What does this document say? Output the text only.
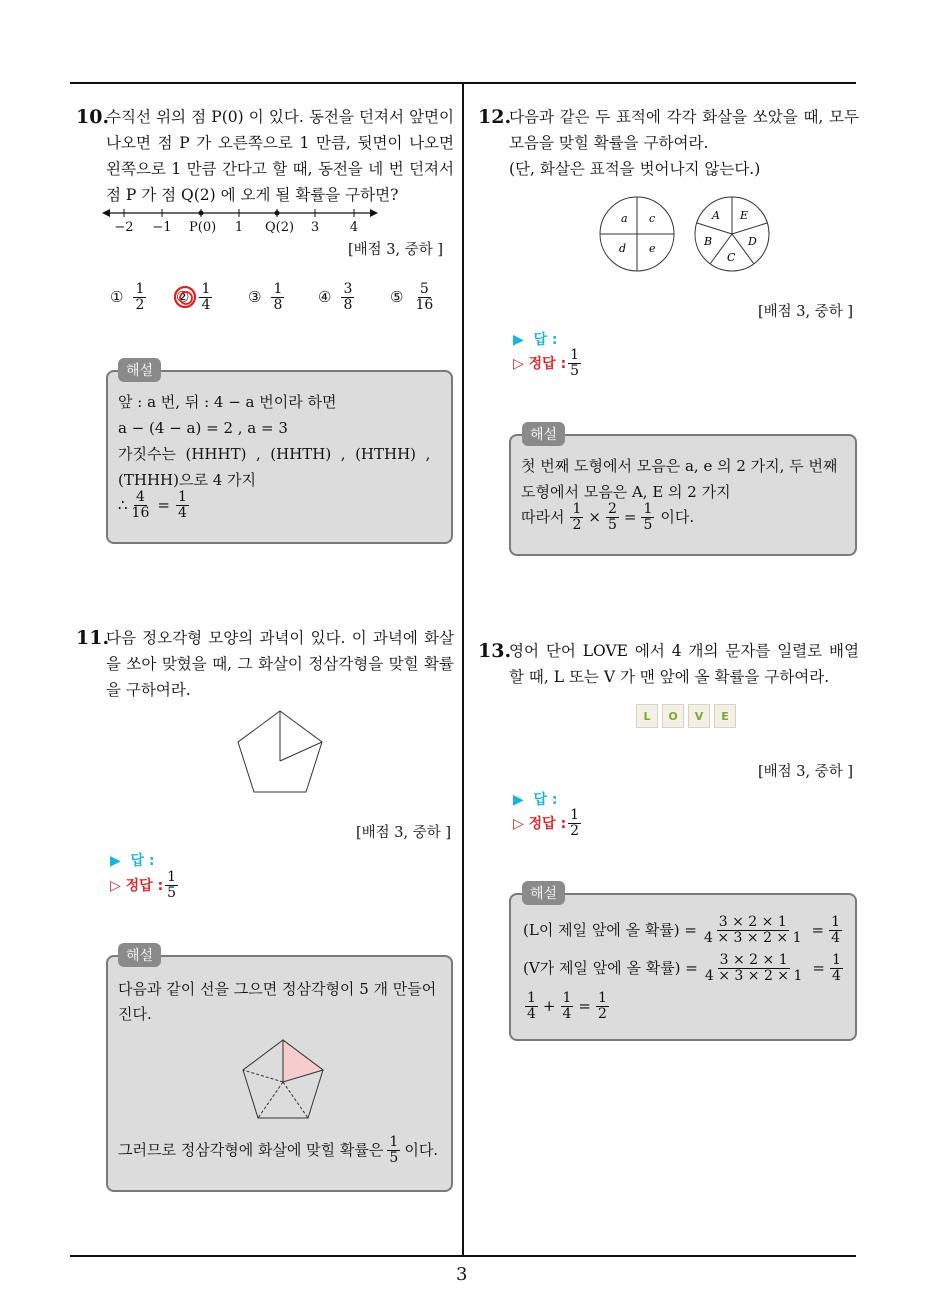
3
10.
수직선 위의 점 P(0) 이 있다. 동전을 던져서 앞면이 나오면 점 P 가 오른쪽으로 1 만큼, 뒷면이 나오면 왼쪽으로 1 만큼 간다고 할 때, 동전을 네 번 던져서 점 P 가 점 Q(2) 에 오게 될 확률을 구하면?
−2 −1 P(0)	1	Q(2)	3	4
[배점 3, 중하 ]
① $\frac{1}{2}$ ② $\frac{1}{4}$ ③ $\frac{1}{8}$ ④ $\frac{3}{8}$ ⑤ $\frac{5}{16}$
앞 : a 번, 뒤 : 4 − a 번이라 하면
a − (4 − a) = 2 , a = 3
가짓수는  (HHHT)  ,  (HHTH)  ,  (HTHH)  ,
(THHH)으로 4 가지
∴ $\frac{4}{16} = \frac{1}{4}$
해설
11.
다음 정오각형 모양의 과녁이 있다. 이 과녁에 화살을 쏘아 맞혔을 때, 그 화살이 정삼각형을 맞힐 확률을 구하여라.
[배점 3, 중하 ]
▶  답 :
▷ 정답 : $\frac{1}{5}$
다음과 같이 선을 그으면 정삼각형이 5 개 만들어 진다.
그러므로 정삼각형에 화살에 맞힐 확률은 $\frac{1}{5}$ 이다.
해설
12.
다음과 같은 두 표적에 각각 화살을 쏘았을 때, 모두 모음을 맞힐 확률을 구하여라.
(단, 화살은 표적을 벗어나지 않는다.)
a c
d e
A E
B	D
C
[배점 3, 중하 ]
▶  답 :
▷ 정답 : $\frac{1}{5}$
첫 번째 도형에서 모음은 a, e 의 2 가지, 두 번째
도형에서 모음은 A, E 의 2 가지
따라서 $\frac{1}{2} \times \frac{2}{5} = \frac{1}{5}$ 이다.
해설
13.
영어 단어 LOVE 에서 4 개의 문자를 일렬로 배열 할 때, L 또는 V 가 맨 앞에 올 확률을 구하여라.
L	O	V	E
[배점 3, 중하 ]
▶  답 :
▷ 정답 : $\frac{1}{2}$
(L이 제일 앞에 올 확률) = $\frac{3 \times 2 \times 1}{4 \times 3 \times 2 \times 1} = \frac{1}{4}$
(V가 제일 앞에 올 확률) = $\frac{3 \times 2 \times 1}{4 \times 3 \times 2 \times 1} = \frac{1}{4}$
$\frac{1}{4} + \frac{1}{4} = \frac{1}{2}$
해설
